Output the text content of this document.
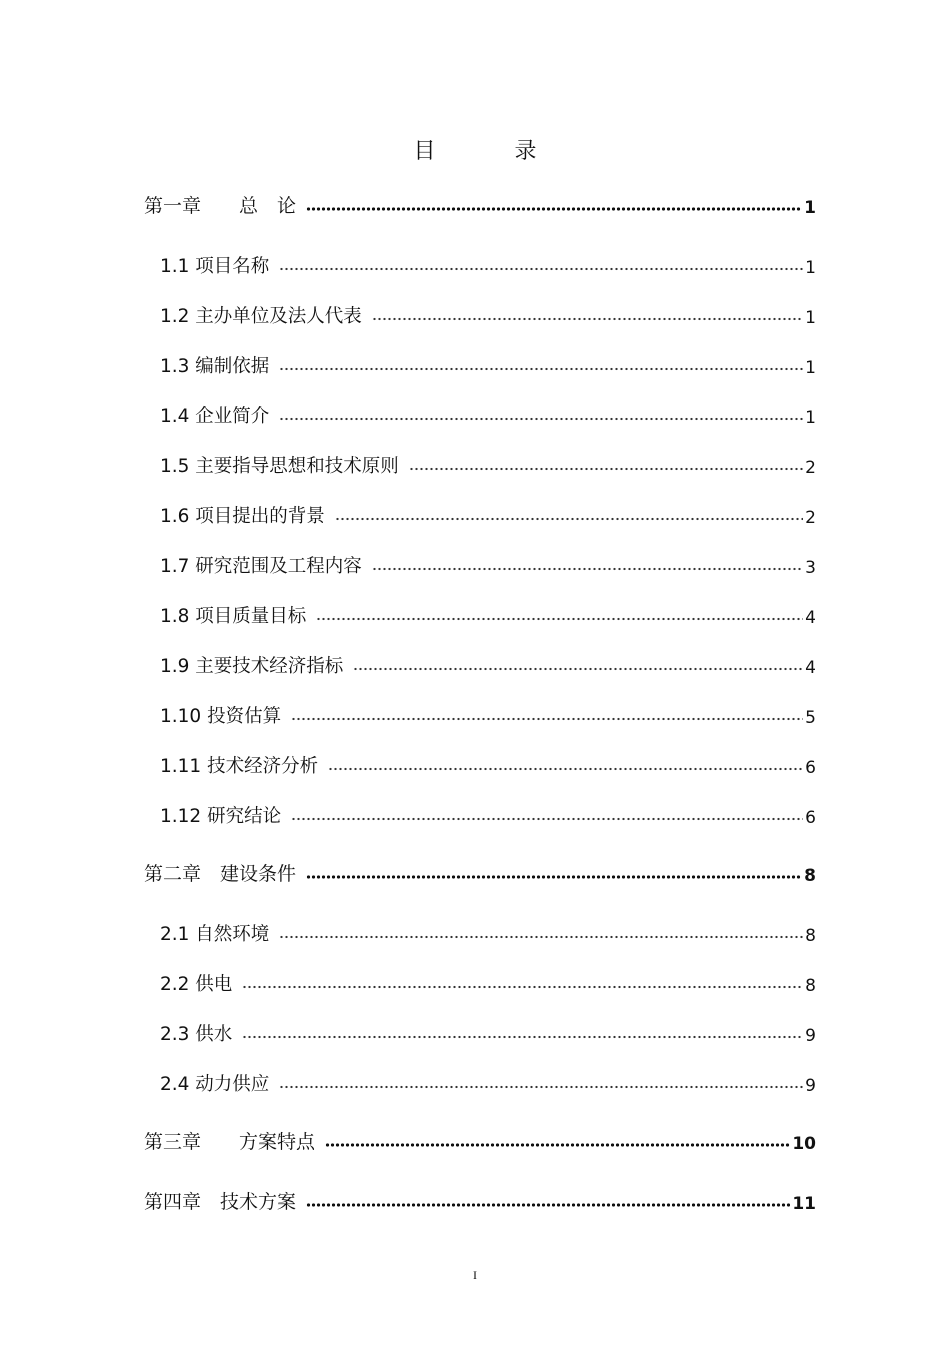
目 录
第一章　　总　论	1
1.1 项目名称	1
1.2 主办单位及法人代表	1
1.3 编制依据	1
1.4 企业简介	1
1.5 主要指导思想和技术原则	2
1.6 项目提出的背景	2
1.7 研究范围及工程内容	3
1.8 项目质量目标	4
1.9 主要技术经济指标	4
1.10 投资估算	5
1.11 技术经济分析	6
1.12 研究结论	6
第二章　建设条件	8
2.1 自然环境	8
2.2 供电	8
2.3 供水	9
2.4 动力供应	9
第三章　　方案特点	10
第四章　技术方案	11
I
